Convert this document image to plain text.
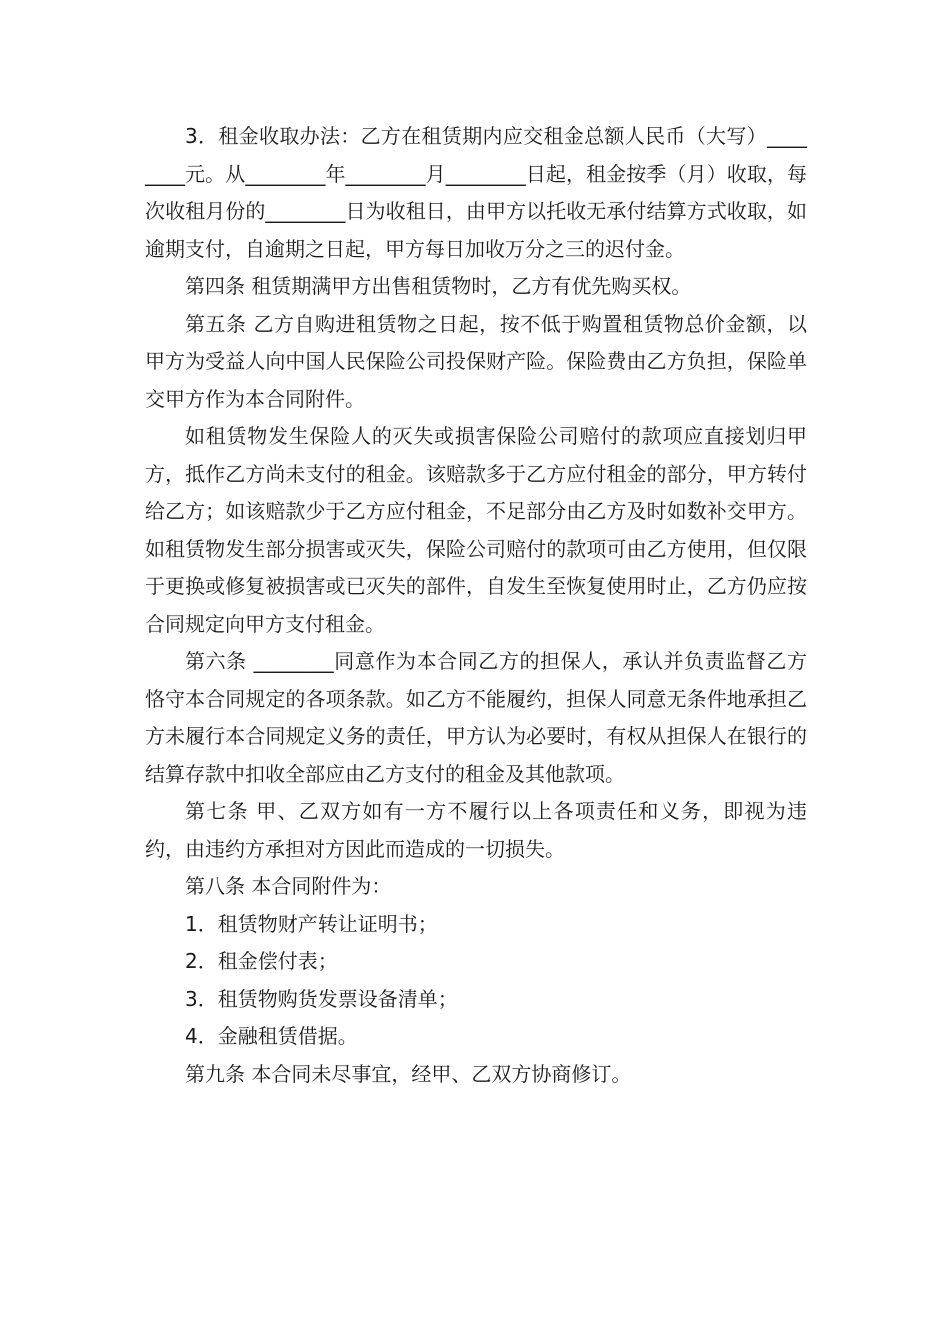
3．租金收取办法：乙方在租赁期内应交租金总额人民币（大写）________元。从________年________月________日起，租金按季（月）收取，每次收租月份的________日为收租日，由甲方以托收无承付结算方式收取，如逾期支付，自逾期之日起，甲方每日加收万分之三的迟付金。

第四条 租赁期满甲方出售租赁物时，乙方有优先购买权。

第五条 乙方自购进租赁物之日起，按不低于购置租赁物总价金额，以甲方为受益人向中国人民保险公司投保财产险。保险费由乙方负担，保险单交甲方作为本合同附件。

如租赁物发生保险人的灭失或损害保险公司赔付的款项应直接划归甲方，抵作乙方尚未支付的租金。该赔款多于乙方应付租金的部分，甲方转付给乙方；如该赔款少于乙方应付租金，不足部分由乙方及时如数补交甲方。如租赁物发生部分损害或灭失，保险公司赔付的款项可由乙方使用，但仅限于更换或修复被损害或已灭失的部件，自发生至恢复使用时止，乙方仍应按合同规定向甲方支付租金。

第六条 ________同意作为本合同乙方的担保人，承认并负责监督乙方恪守本合同规定的各项条款。如乙方不能履约，担保人同意无条件地承担乙方未履行本合同规定义务的责任，甲方认为必要时，有权从担保人在银行的结算存款中扣收全部应由乙方支付的租金及其他款项。

第七条 甲、乙双方如有一方不履行以上各项责任和义务，即视为违约，由违约方承担对方因此而造成的一切损失。

第八条 本合同附件为：

1．租赁物财产转让证明书；

2．租金偿付表；

3．租赁物购货发票设备清单；

4．金融租赁借据。

第九条 本合同未尽事宜，经甲、乙双方协商修订。
